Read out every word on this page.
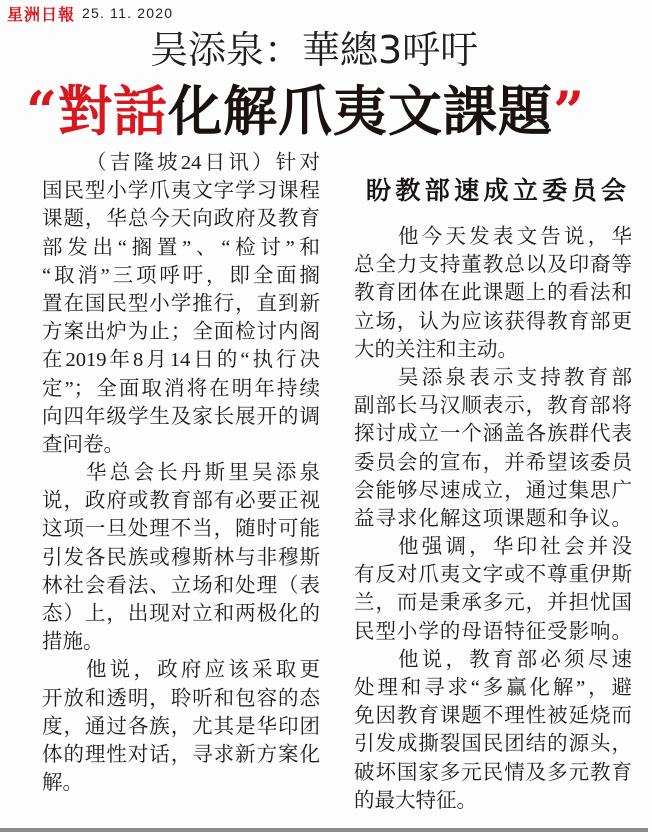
星洲日報 25. 11. 2020
吴添泉：華總3呼吁
“對話化解爪夷文課題”
（吉隆坡24日讯）针对
国民型小学爪夷文字学习课程
课题，华总今天向政府及教育
部发出“搁置”、“检讨”和
“取消”三项呼吁，即全面搁
置在国民型小学推行，直到新
方案出炉为止；全面检讨内阁
在2019年8月14日的“执行决
定”；全面取消将在明年持续
向四年级学生及家长展开的调
查问卷。
华总会长丹斯里吴添泉
说，政府或教育部有必要正视
这项一旦处理不当，随时可能
引发各民族或穆斯林与非穆斯
林社会看法、立场和处理（表
态）上，出现对立和两极化的
措施。
他说，政府应该采取更
开放和透明，聆听和包容的态
度，通过各族，尤其是华印团
体的理性对话，寻求新方案化
解。
盼教部速成立委员会
他今天发表文告说，华
总全力支持董教总以及印裔等
教育团体在此课题上的看法和
立场，认为应该获得教育部更
大的关注和主动。
吴添泉表示支持教育部
副部长马汉顺表示，教育部将
探讨成立一个涵盖各族群代表
委员会的宣布，并希望该委员
会能够尽速成立，通过集思广
益寻求化解这项课题和争议。
他强调，华印社会并没
有反对爪夷文字或不尊重伊斯
兰，而是秉承多元，并担忧国
民型小学的母语特征受影响。
他说，教育部必须尽速
处理和寻求“多赢化解”，避
免因教育课题不理性被延烧而
引发成撕裂国民团结的源头，
破坏国家多元民情及多元教育
的最大特征。
